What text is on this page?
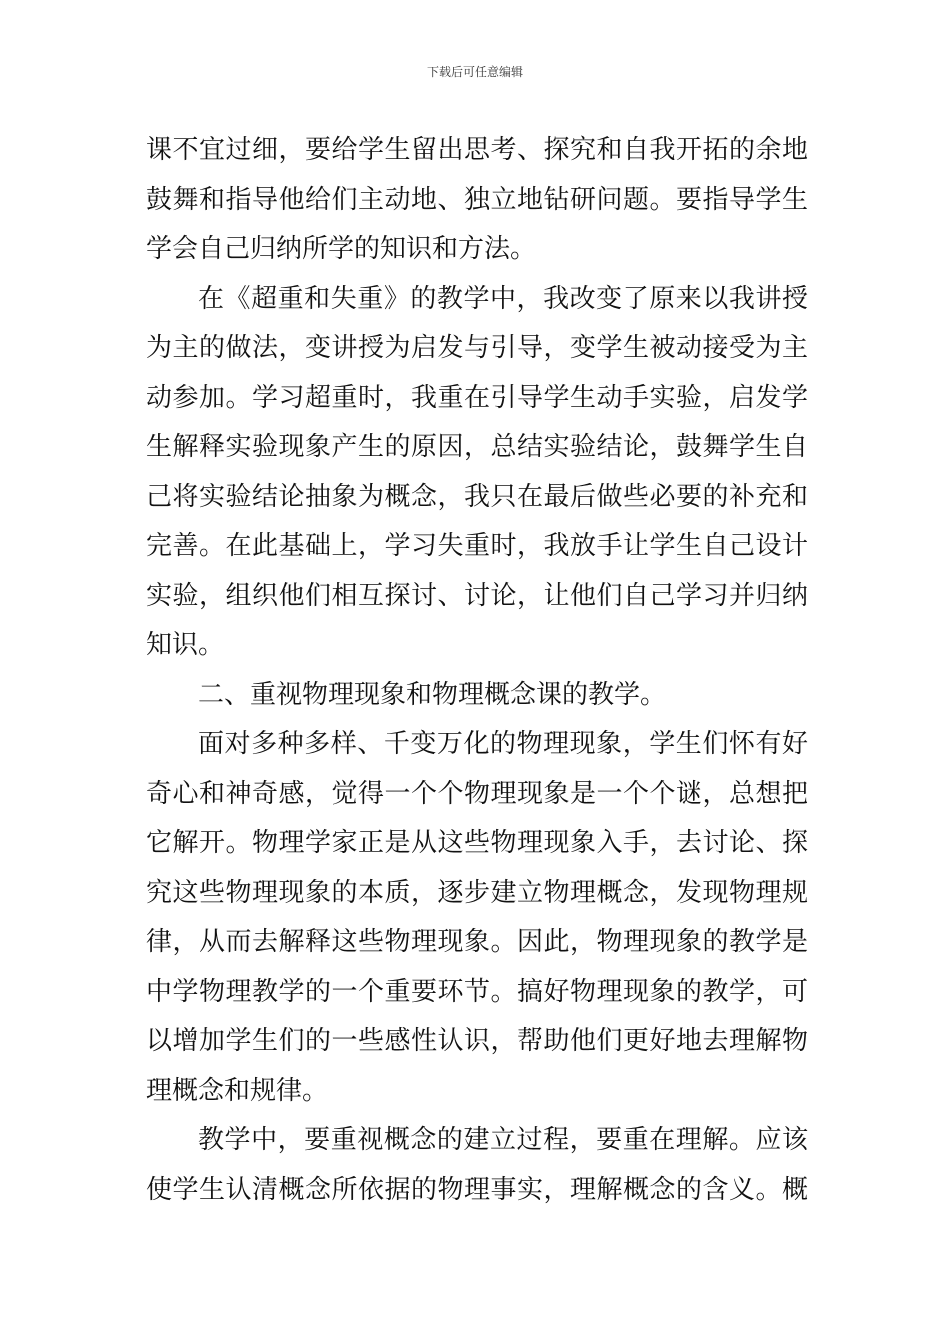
下载后可任意编辑
课不宜过细，要给学生留出思考、探究和自我开拓的余地
鼓舞和指导他给们主动地、独立地钻研问题。要指导学生
学会自己归纳所学的知识和方法。
在《超重和失重》的教学中，我改变了原来以我讲授
为主的做法，变讲授为启发与引导，变学生被动接受为主
动参加。学习超重时，我重在引导学生动手实验，启发学
生解释实验现象产生的原因，总结实验结论，鼓舞学生自
己将实验结论抽象为概念，我只在最后做些必要的补充和
完善。在此基础上，学习失重时，我放手让学生自己设计
实验，组织他们相互探讨、讨论，让他们自己学习并归纳
知识。
二、重视物理现象和物理概念课的教学。
面对多种多样、千变万化的物理现象，学生们怀有好
奇心和神奇感，觉得一个个物理现象是一个个谜，总想把
它解开。物理学家正是从这些物理现象入手，去讨论、探
究这些物理现象的本质，逐步建立物理概念，发现物理规
律，从而去解释这些物理现象。因此，物理现象的教学是
中学物理教学的一个重要环节。搞好物理现象的教学，可
以增加学生们的一些感性认识，帮助他们更好地去理解物
理概念和规律。
教学中，要重视概念的建立过程，要重在理解。应该
使学生认清概念所依据的物理事实，理解概念的含义。概
